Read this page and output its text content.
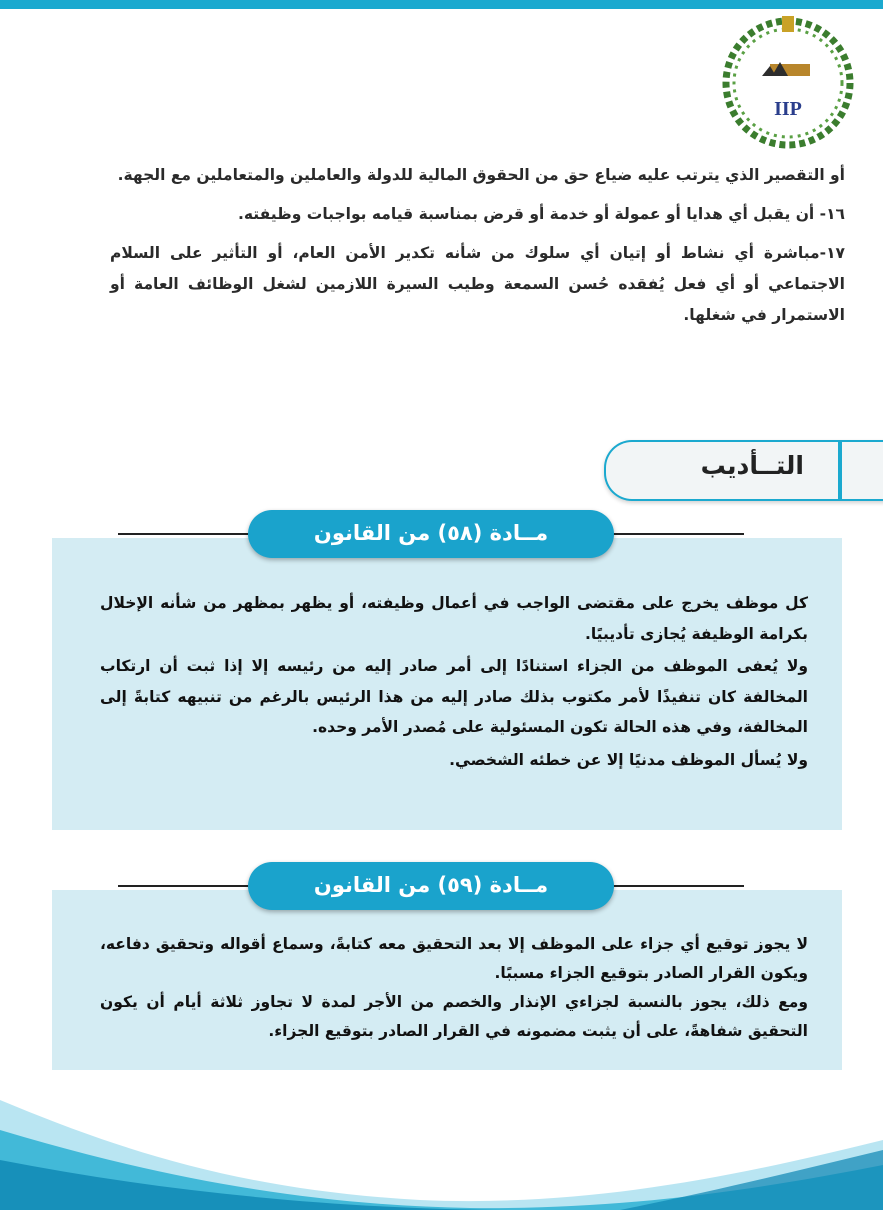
IIP

أو التقصير الذي يترتب عليه ضياع حق من الحقوق المالية للدولة والعاملين والمتعاملين مع الجهة.

١٦- أن يقبل أي هدايا أو عمولة أو خدمة أو قرض بمناسبة قيامه بواجبات وظيفته.

١٧-مباشرة أي نشاط أو إتيان أي سلوك من شأنه تكدير الأمن العام، أو التأثير على السلام الاجتماعي أو أي فعل يُفقده حُسن السمعة وطيب السيرة اللازمين لشغل الوظائف العامة أو الاستمرار في شغلها.

التــأديب
مــادة (٥٨) من القانون

كل موظف يخرج على مقتضى الواجب في أعمال وظيفته، أو يظهر بمظهر من شأنه الإخلال بكرامة الوظيفة يُجازى تأديبيًا.

ولا يُعفى الموظف من الجزاء استنادًا إلى أمر صادر إليه من رئيسه إلا إذا ثبت أن ارتكاب المخالفة كان تنفيذًا لأمر مكتوب بذلك صادر إليه من هذا الرئيس بالرغم من تنبيهه كتابةً إلى المخالفة، وفي هذه الحالة تكون المسئولية على مُصدر الأمر وحده.

ولا يُسأل الموظف مدنيًا إلا عن خطئه الشخصي.

مــادة (٥٩) من القانون

لا يجوز توقيع أي جزاء على الموظف إلا بعد التحقيق معه كتابةً، وسماع أقواله وتحقيق دفاعه، ويكون القرار الصادر بتوقيع الجزاء مسببًا.

ومع ذلك، يجوز بالنسبة لجزاءي الإنذار والخصم من الأجر لمدة لا تجاوز ثلاثة أيام أن يكون التحقيق شفاهةً، على أن يثبت مضمونه في القرار الصادر بتوقيع الجزاء.
